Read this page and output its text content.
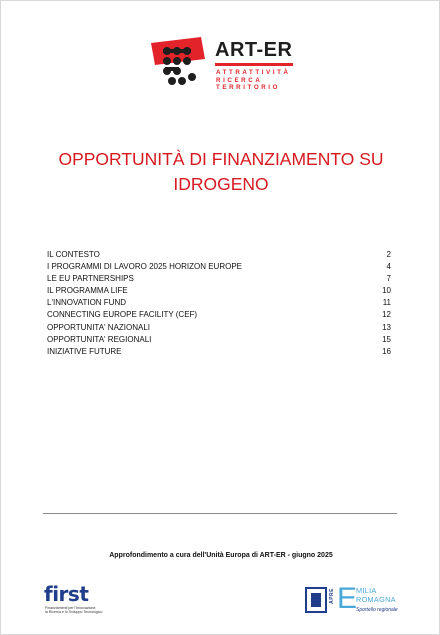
ART-ER
ATTRATTIVITÀ
RICERCA
TERRITORIO
OPPORTUNITÀ DI FINANZIAMENTO SU IDROGENO
IL CONTESTO	2
I PROGRAMMI DI LAVORO 2025 HORIZON EUROPE	4
LE EU PARTNERSHIPS	7
IL PROGRAMMA LIFE	10
L'INNOVATION FUND	11
CONNECTING EUROPE FACILITY (CEF)	12
OPPORTUNITA' NAZIONALI	13
OPPORTUNITA' REGIONALI	15
INIZIATIVE FUTURE	16
Approfondimento a cura dell'Unità Europa di ART-ER - giugno 2025
first
Finanziamenti per l'Innovazione,
la Ricerca e lo Sviluppo Tecnologico
APRE E
MILIA
ROMAGNA
Sportello regionale
